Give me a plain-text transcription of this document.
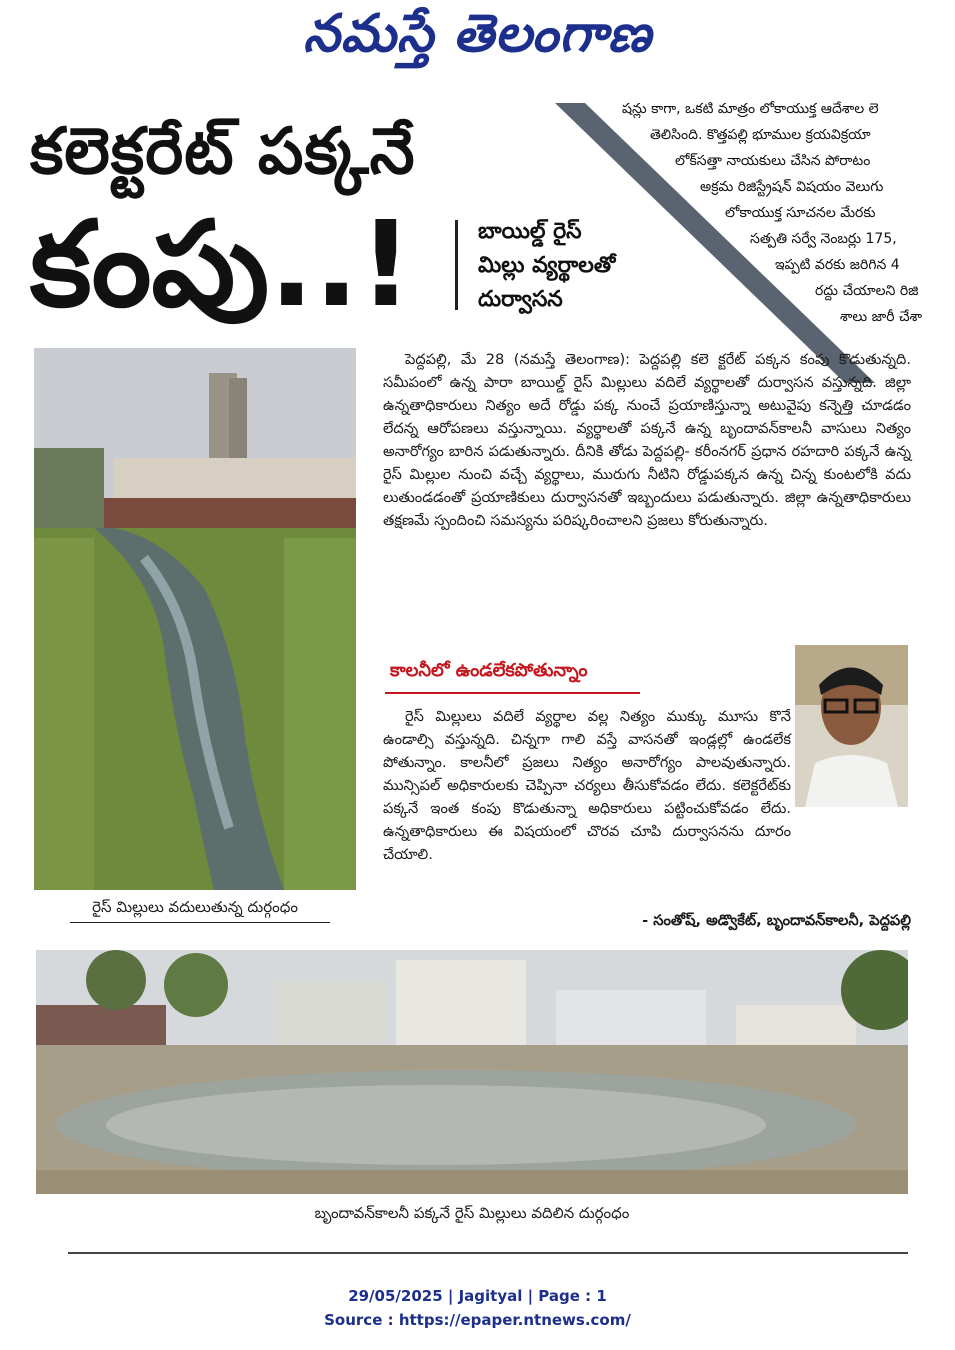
నమస్తే తెలంగాణ
షన్లు కాగా, ఒకటి మాత్రం లోకాయుక్త ఆదేశాల లె
తెలిసింది. కొత్తపల్లి భూముల క్రయవిక్రయా
లోక్‌సత్తా నాయకులు చేసిన పోరాటం
అక్రమ రిజిస్ట్రేషన్ విషయం వెలుగు
లోకాయుక్త సూచనల మేరకు
సత్పతి సర్వే నెంబర్లు 175,
ఇప్పటి వరకు జరిగిన 4
రద్దు చేయాలని రిజి
శాలు జారీ చేశా
కలెక్టరేట్ పక్కనే
కంపు..!	బాయిల్డ్ రైస్
మిల్లు వ్యర్థాలతో
దుర్వాసన
రైస్ మిల్లులు వదులుతున్న దుర్గంధం

పెద్దపల్లి, మే 28 (నమస్తే తెలంగాణ): పెద్దపల్లి కలె క్టరేట్ పక్కన కంపు కొడుతున్నది. సమీపంలో ఉన్న పారా బాయిల్డ్ రైస్ మిల్లులు వదిలే వ్యర్థాలతో దుర్వాసన వస్తున్నది. జిల్లా ఉన్నతాధికారులు నిత్యం అదే రోడ్డు పక్క నుంచే ప్రయాణిస్తున్నా అటువైపు కన్నెత్తి చూడడం లేదన్న ఆరోపణలు వస్తున్నాయి. వ్యర్థాలతో పక్కనే ఉన్న బృందావన్‌కాలనీ వాసులు నిత్యం అనారోగ్యం బారిన పడుతున్నారు. దీనికి తోడు పెద్దపల్లి- కరీంనగర్ ప్రధాన రహదారి పక్కనే ఉన్న రైస్ మిల్లుల నుంచి వచ్చే వ్యర్థాలు, మురుగు నీటిని రోడ్డుపక్కన ఉన్న చిన్న కుంటలోకి వదు లుతుండడంతో ప్రయాణికులు దుర్వాసనతో ఇబ్బందులు పడుతున్నారు. జిల్లా ఉన్నతాధికారులు తక్షణమే స్పందించి సమస్యను పరిష్కరించాలని ప్రజలు కోరుతున్నారు.

కాలనీలో ఉండలేకపోతున్నాం

రైస్ మిల్లులు వదిలే వ్యర్థాల వల్ల నిత్యం ముక్కు మూసు కొనే ఉండాల్సి వస్తున్నది. చిన్నగా గాలి వస్తే వాసనతో ఇండ్లల్లో ఉండలేక పోతున్నాం. కాలనీలో ప్రజలు నిత్యం అనారోగ్యం పాలవుతున్నారు. మున్సిపల్ అధికారులకు చెప్పినా చర్యలు తీసుకోవడం లేదు. కలెక్టరేట్‌కు పక్కనే ఇంత కంపు కొడుతున్నా అధికారులు పట్టించుకోవడం లేదు. ఉన్నతాధికారులు ఈ విషయంలో చొరవ చూపి దుర్వాసనను దూరం చేయాలి.

- సంతోష్, అడ్వొకేట్, బృందావన్‌కాలనీ, పెద్దపల్లి
బృందావన్‌కాలనీ పక్కనే రైస్ మిల్లులు వదిలిన దుర్గంధం
29/05/2025 | Jagityal | Page : 1
Source : https://epaper.ntnews.com/
